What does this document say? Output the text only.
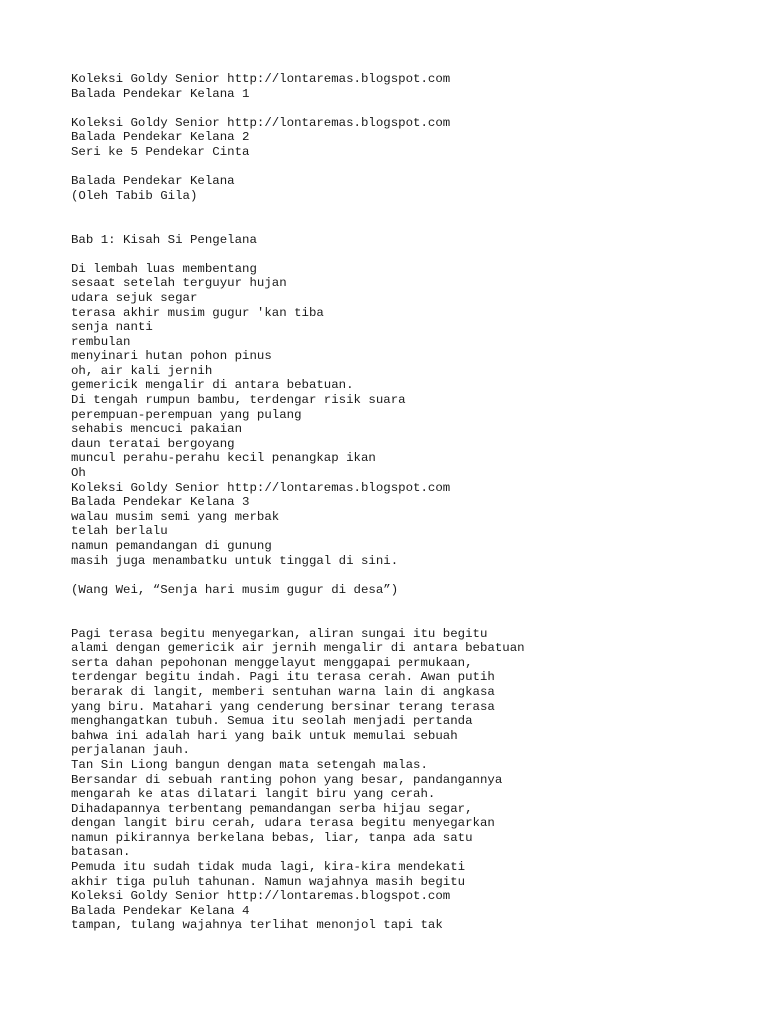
Koleksi Goldy Senior http://lontaremas.blogspot.com
Balada Pendekar Kelana 1
Koleksi Goldy Senior http://lontaremas.blogspot.com
Balada Pendekar Kelana 2
Seri ke 5 Pendekar Cinta
Balada Pendekar Kelana
(Oleh Tabib Gila)
Bab 1: Kisah Si Pengelana
Di lembah luas membentang
sesaat setelah terguyur hujan
udara sejuk segar
terasa akhir musim gugur 'kan tiba
senja nanti
rembulan
menyinari hutan pohon pinus
oh, air kali jernih
gemericik mengalir di antara bebatuan.
Di tengah rumpun bambu, terdengar risik suara
perempuan-perempuan yang pulang
sehabis mencuci pakaian
daun teratai bergoyang
muncul perahu-perahu kecil penangkap ikan
Oh
Koleksi Goldy Senior http://lontaremas.blogspot.com
Balada Pendekar Kelana 3
walau musim semi yang merbak
telah berlalu
namun pemandangan di gunung
masih juga menambatku untuk tinggal di sini.
(Wang Wei, “Senja hari musim gugur di desa”)
Pagi terasa begitu menyegarkan, aliran sungai itu begitu
alami dengan gemericik air jernih mengalir di antara bebatuan
serta dahan pepohonan menggelayut menggapai permukaan,
terdengar begitu indah. Pagi itu terasa cerah. Awan putih
berarak di langit, memberi sentuhan warna lain di angkasa
yang biru. Matahari yang cenderung bersinar terang terasa
menghangatkan tubuh. Semua itu seolah menjadi pertanda
bahwa ini adalah hari yang baik untuk memulai sebuah
perjalanan jauh.
Tan Sin Liong bangun dengan mata setengah malas.
Bersandar di sebuah ranting pohon yang besar, pandangannya
mengarah ke atas dilatari langit biru yang cerah.
Dihadapannya terbentang pemandangan serba hijau segar,
dengan langit biru cerah, udara terasa begitu menyegarkan
namun pikirannya berkelana bebas, liar, tanpa ada satu
batasan.
Pemuda itu sudah tidak muda lagi, kira-kira mendekati
akhir tiga puluh tahunan. Namun wajahnya masih begitu
Koleksi Goldy Senior http://lontaremas.blogspot.com
Balada Pendekar Kelana 4
tampan, tulang wajahnya terlihat menonjol tapi tak
